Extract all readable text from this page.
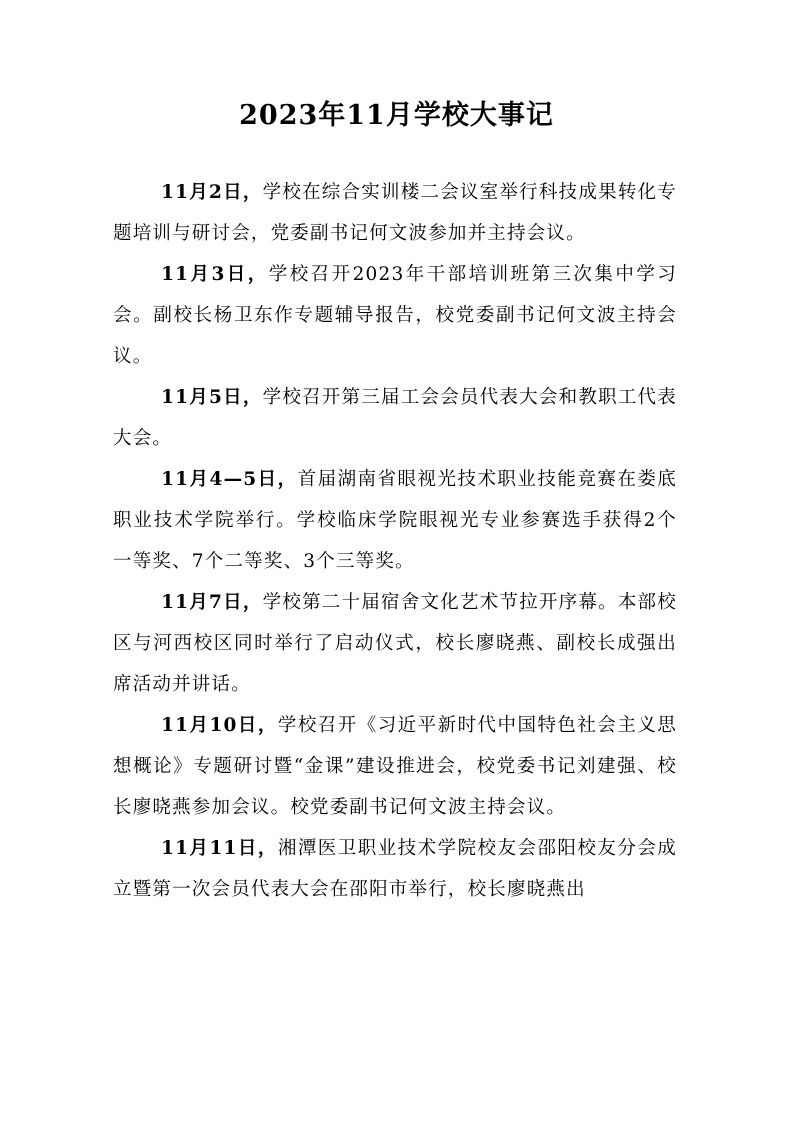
2023年11月学校大事记

11月2日，学校在综合实训楼二会议室举行科技成果转化专题培训与研讨会，党委副书记何文波参加并主持会议。

11月3日，学校召开2023年干部培训班第三次集中学习会。副校长杨卫东作专题辅导报告，校党委副书记何文波主持会议。

11月5日，学校召开第三届工会会员代表大会和教职工代表大会。

11月4—5日，首届湖南省眼视光技术职业技能竞赛在娄底职业技术学院举行。学校临床学院眼视光专业参赛选手获得2个一等奖、7个二等奖、3个三等奖。

11月7日，学校第二十届宿舍文化艺术节拉开序幕。本部校区与河西校区同时举行了启动仪式，校长廖晓燕、副校长成强出席活动并讲话。

11月10日，学校召开《习近平新时代中国特色社会主义思想概论》专题研讨暨“金课”建设推进会，校党委书记刘建强、校长廖晓燕参加会议。校党委副书记何文波主持会议。

11月11日，湘潭医卫职业技术学院校友会邵阳校友分会成立暨第一次会员代表大会在邵阳市举行，校长廖晓燕出
